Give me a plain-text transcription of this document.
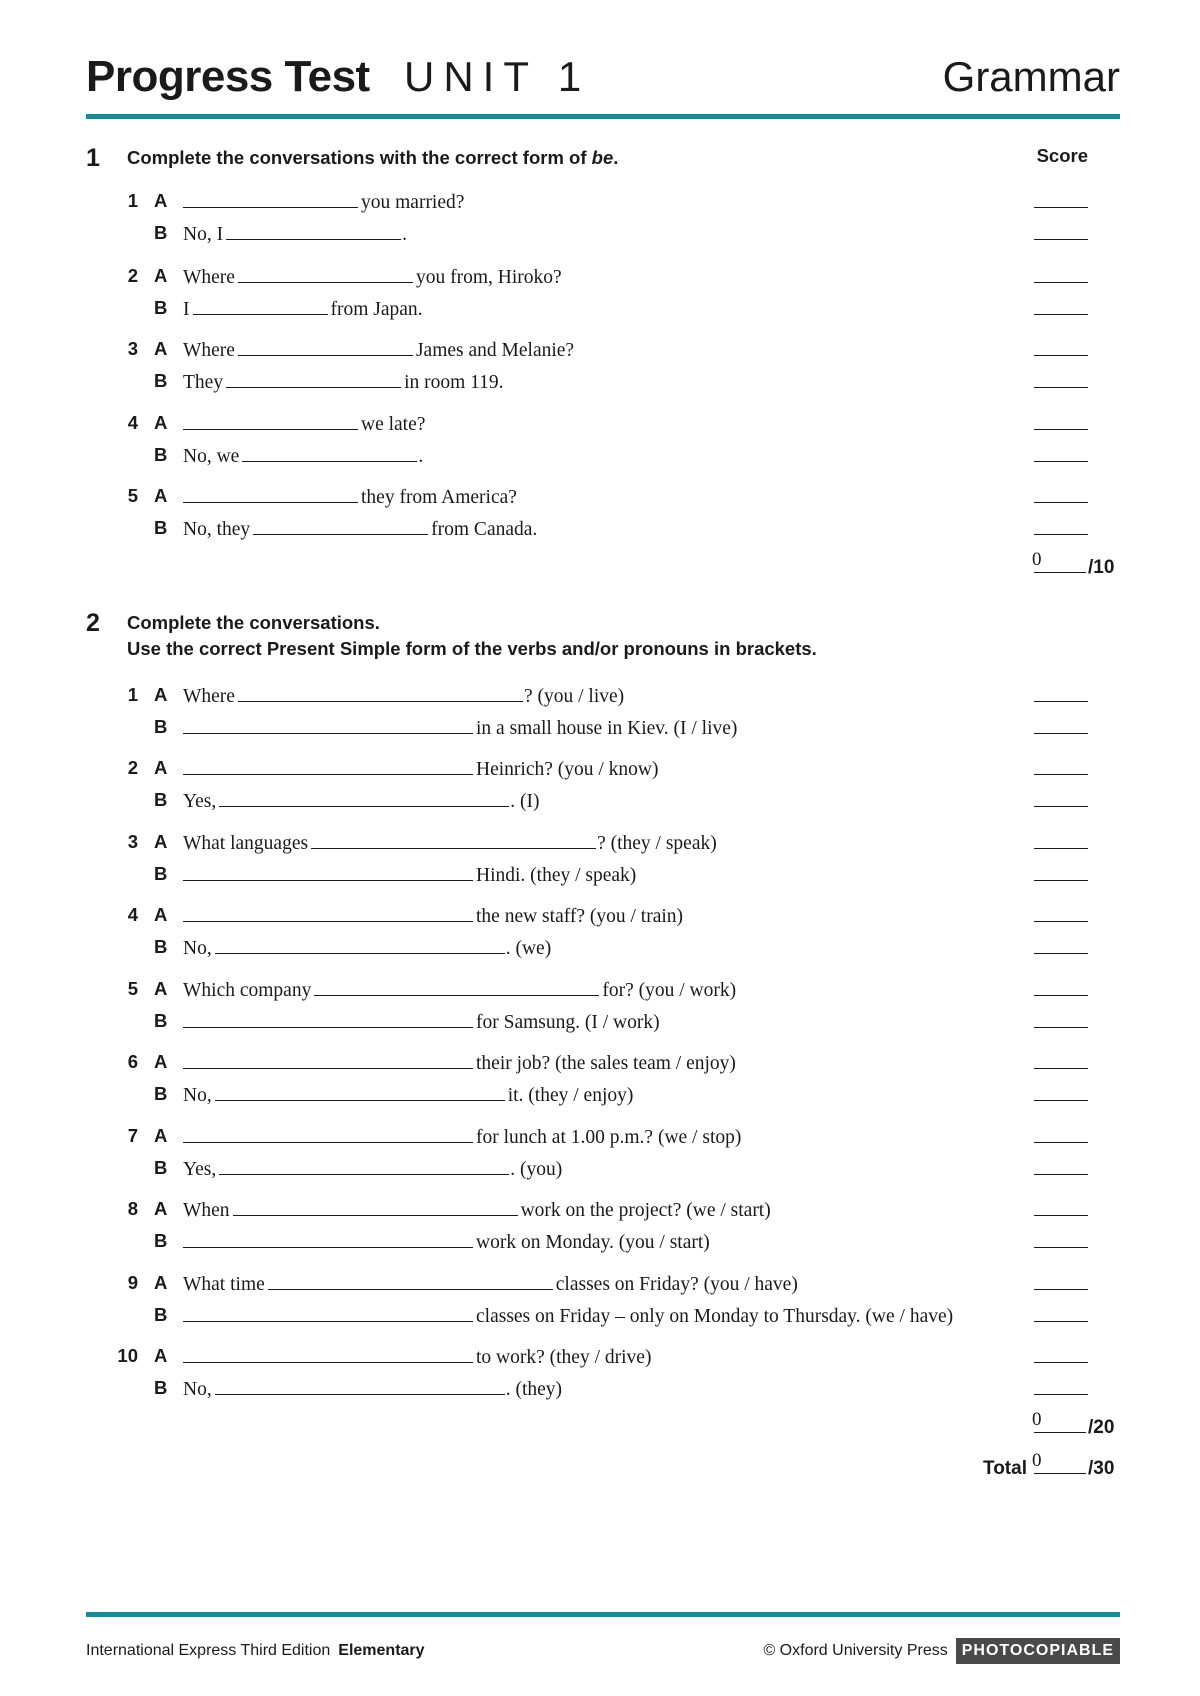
Progress Test UNIT 1	Grammar
1 Complete the conversations with the correct form of be.	Score
1 A	you married?
B No, I	.
2 A Where	you from, Hiroko?
B I	from Japan.
3 A Where	James and Melanie?
B They	in room 119.
4 A	we late?
B No, we	.
5 A	they from America?
B No, they	from Canada.
0 /10
2 Complete the conversations.
Use the correct Present Simple form of the verbs and/or pronouns in brackets.
1 A Where	? (you / live)
B	in a small house in Kiev. (I / live)
2 A	Heinrich? (you / know)
B Yes,	. (I)
3 A What languages	? (they / speak)
B	Hindi. (they / speak)
4 A	the new staff? (you / train)
B No,	. (we)
5 A Which company	for? (you / work)
B	for Samsung. (I / work)
6 A	their job? (the sales team / enjoy)
B No,	it. (they / enjoy)
7 A	for lunch at 1.00 p.m.? (we / stop)
B Yes,	. (you)
8 A When	work on the project? (we / start)
B	work on Monday. (you / start)
9 A What time	classes on Friday? (you / have)
B	classes on Friday – only on Monday to Thursday. (we / have)
10 A	to work? (they / drive)
B No,	. (they)
0 /20
Total 0 /30
International Express Third Edition Elementary	© Oxford University Press PHOTOCOPIABLE
